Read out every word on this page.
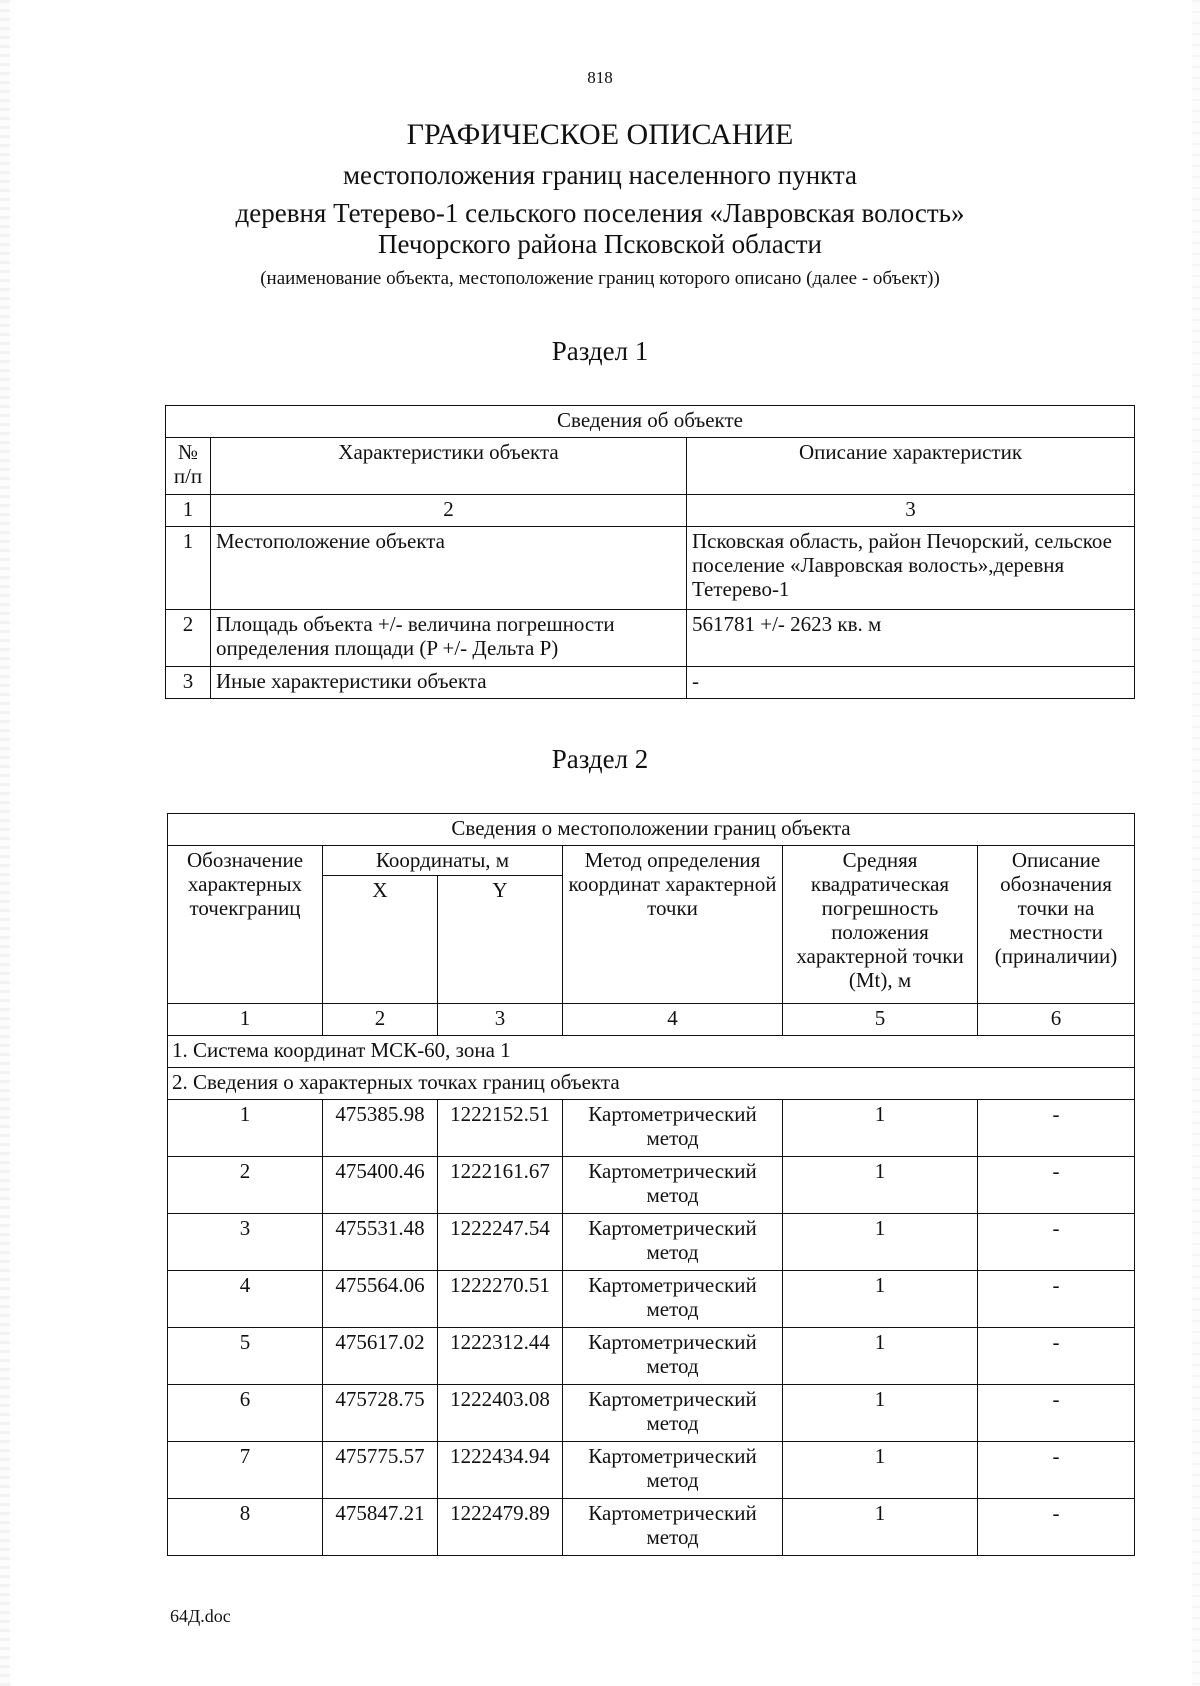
818
ГРАФИЧЕСКОЕ ОПИСАНИЕ
местоположения границ населенного пункта
деревня Тетерево-1 сельского поселения «Лавровская волость»
Печорского района Псковской области
(наименование объекта, местоположение границ которого описано (далее - объект))
Раздел 1
Сведения об объекте		
№ п/п	Характеристики объекта	Описание характеристик
1	2	3
1	Местоположение объекта	Псковская область, район Печорский, сельское поселение «Лавровская волость»,деревня Тетерево-1
2	Площадь объекта +/- величина погрешности определения площади (P +/- Дельта P)	561781 +/- 2623 кв. м
3	Иные характеристики объекта	-
Раздел 2
Сведения о местоположении границ объекта					
Обозначение характерных точекграниц	Координаты, м		Метод определения координат характерной точки	Средняя квадратическая погрешность положения характерной точки (Mt), м	Описание обозначения точки на местности (приналичии)
	X	Y			
1	2	3	4	5	6
1. Система координат МСК-60, зона 1					
2. Сведения о характерных точках границ объекта					
1	475385.98	1222152.51	Картометрический метод	1	-
2	475400.46	1222161.67	Картометрический метод	1	-
3	475531.48	1222247.54	Картометрический метод	1	-
4	475564.06	1222270.51	Картометрический метод	1	-
5	475617.02	1222312.44	Картометрический метод	1	-
6	475728.75	1222403.08	Картометрический метод	1	-
7	475775.57	1222434.94	Картометрический метод	1	-
8	475847.21	1222479.89	Картометрический метод	1	-
64Д.doc
